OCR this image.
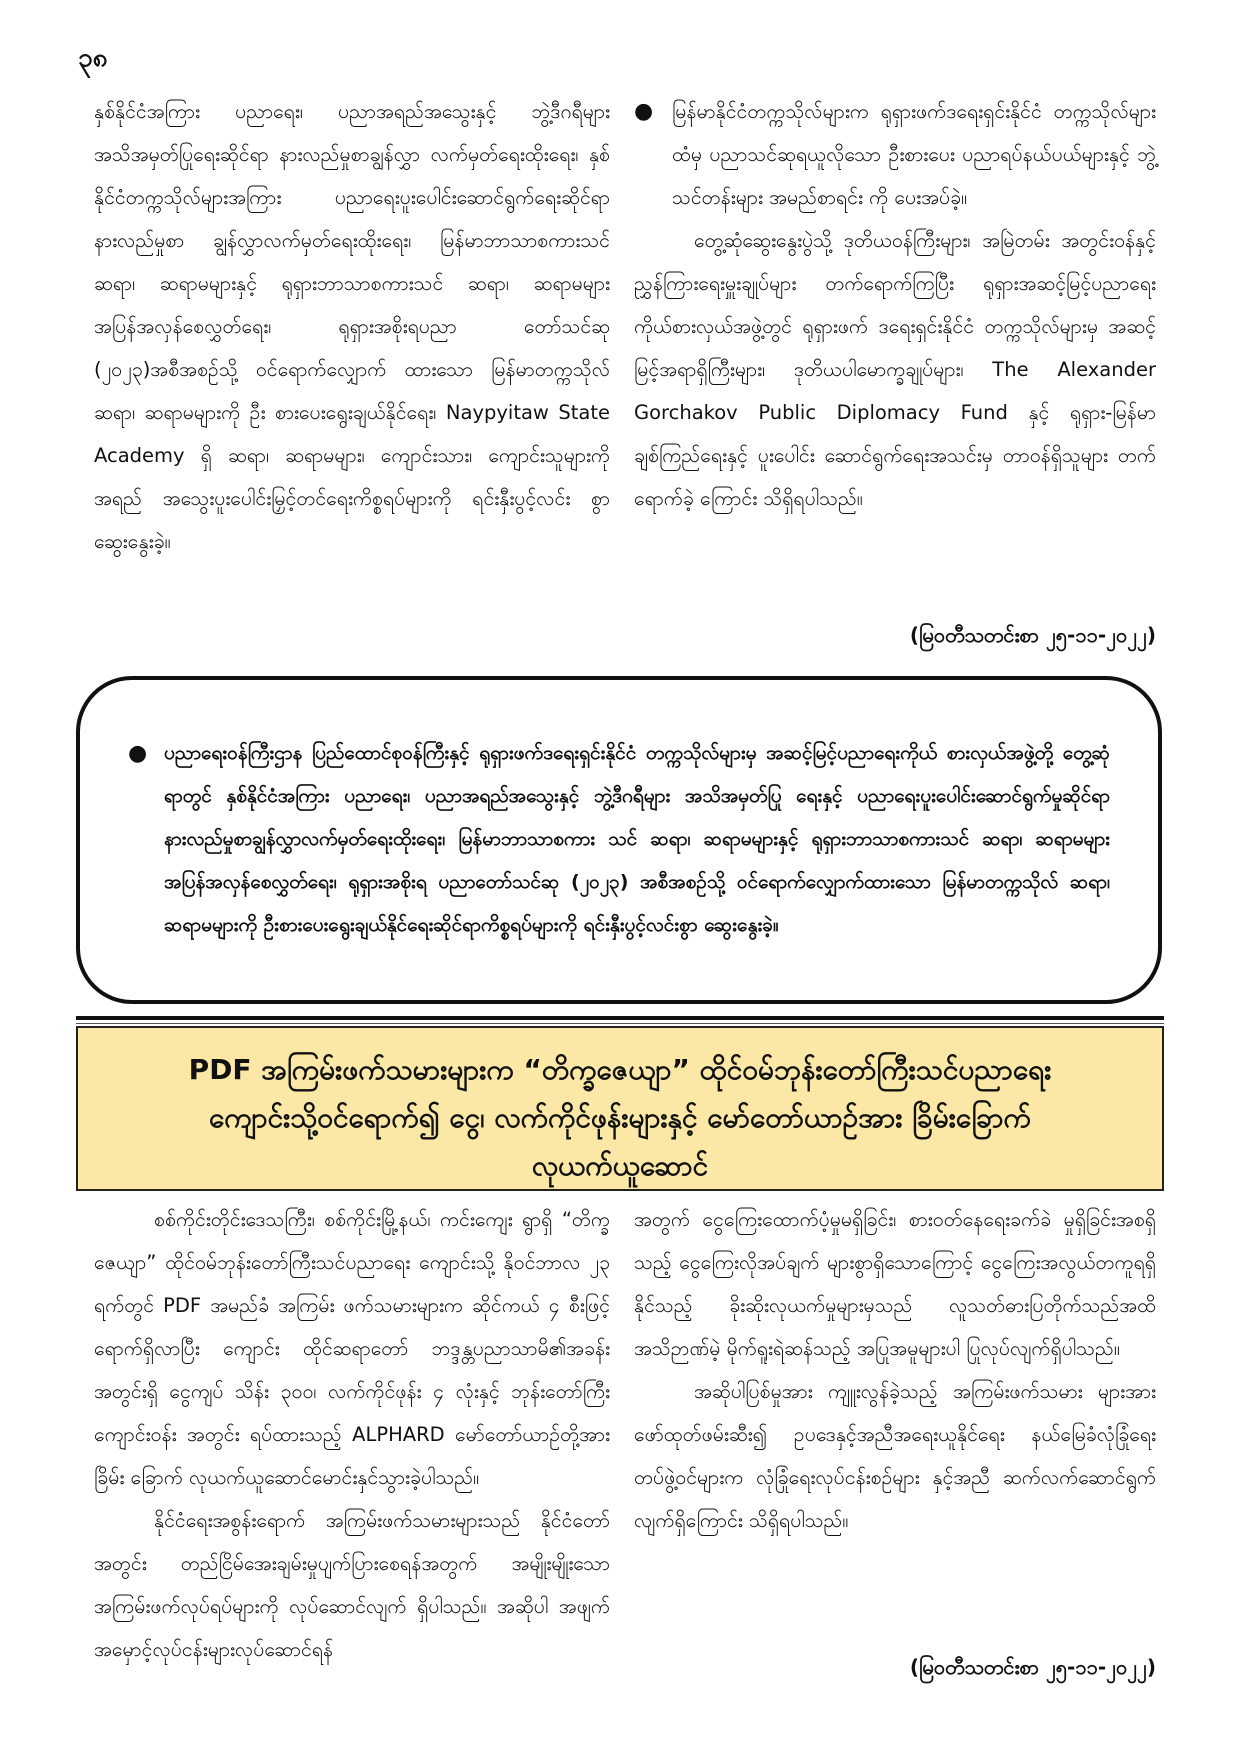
၃၈

နှစ်နိုင်ငံအကြား ပညာရေး၊ ပညာအရည်အသွေးနှင့် ဘွဲ့ဒီဂရီများ အသိအမှတ်ပြုရေးဆိုင်ရာ နားလည်မှုစာချွန်လွှာ လက်မှတ်ရေးထိုးရေး၊ နှစ်နိုင်ငံတက္ကသိုလ်များအကြား ပညာရေးပူးပေါင်းဆောင်ရွက်ရေးဆိုင်ရာ နားလည်မှုစာ ချွန်လွှာလက်မှတ်ရေးထိုးရေး၊ မြန်မာဘာသာစကားသင် ဆရာ၊ ဆရာမများနှင့် ရုရှားဘာသာစကားသင် ဆရာ၊ ဆရာမများ အပြန်အလှန်စေလွှတ်ရေး၊ ရုရှားအစိုးရပညာ တော်သင်ဆု (၂၀၂၃)အစီအစဉ်သို့ ဝင်ရောက်လျှောက် ထားသော မြန်မာတက္ကသိုလ် ဆရာ၊ ဆရာမများကို ဦး စားပေးရွေးချယ်နိုင်ရေး၊ Naypyitaw State Academy ရှိ ဆရာ၊ ဆရာမများ၊ ကျောင်းသား၊ ကျောင်းသူများကို အရည် အသွေးပူးပေါင်းမြှင့်တင်ရေးကိစ္စရပ်များကို ရင်းနှီးပွင့်လင်း စွာ ဆွေးနွေးခဲ့။

● မြန်မာနိုင်ငံတက္ကသိုလ်များက ရုရှားဖက်ဒရေးရှင်းနိုင်ငံ တက္ကသိုလ်များထံမှ ပညာသင်ဆုရယူလိုသော ဦးစားပေး ပညာရပ်နယ်ပယ်များနှင့် ဘွဲ့သင်တန်းများ အမည်စာရင်း ကို ပေးအပ်ခဲ့။

တွေ့ဆုံဆွေးနွေးပွဲသို့ ဒုတိယဝန်ကြီးများ၊ အမြဲတမ်း အတွင်းဝန်နှင့် ညွှန်ကြားရေးမှူးချုပ်များ တက်ရောက်ကြပြီး ရုရှားအဆင့်မြင့်ပညာရေးကိုယ်စားလှယ်အဖွဲ့တွင် ရုရှားဖက် ဒရေးရှင်းနိုင်ငံ တက္ကသိုလ်များမှ အဆင့်မြင့်အရာရှိကြီးများ၊ ဒုတိယပါမောက္ခချုပ်များ၊ The Alexander Gorchakov Public Diplomacy Fund နှင့် ရုရှား-မြန်မာချစ်ကြည်ရေးနှင့် ပူးပေါင်း ဆောင်ရွက်ရေးအသင်းမှ တာဝန်ရှိသူများ တက်ရောက်ခဲ့ ကြောင်း သိရှိရပါသည်။

(မြဝတီသတင်းစာ ၂၅-၁၁-၂၀၂၂)

● ပညာရေးဝန်ကြီးဌာန ပြည်ထောင်စုဝန်ကြီးနှင့် ရုရှားဖက်ဒရေးရှင်းနိုင်ငံ တက္ကသိုလ်များမှ အဆင့်မြင့်ပညာရေးကိုယ် စားလှယ်အဖွဲ့တို့ တွေ့ဆုံရာတွင် နှစ်နိုင်ငံအကြား ပညာရေး၊ ပညာအရည်အသွေးနှင့် ဘွဲ့ဒီဂရီများ အသိအမှတ်ပြု ရေးနှင့် ပညာရေးပူးပေါင်းဆောင်ရွက်မှုဆိုင်ရာ နားလည်မှုစာချွန်လွှာလက်မှတ်ရေးထိုးရေး၊ မြန်မာဘာသာစကား သင် ဆရာ၊ ဆရာမများနှင့် ရုရှားဘာသာစကားသင် ဆရာ၊ ဆရာမများ အပြန်အလှန်စေလွှတ်ရေး၊ ရုရှားအစိုးရ ပညာတော်သင်ဆု (၂၀၂၃) အစီအစဉ်သို့ ဝင်ရောက်လျှောက်ထားသော မြန်မာတက္ကသိုလ် ဆရာ၊ ဆရာမများကို ဦးစားပေးရွေးချယ်နိုင်ရေးဆိုင်ရာကိစ္စရပ်များကို ရင်းနှီးပွင့်လင်းစွာ ဆွေးနွေးခဲ့။

PDF အကြမ်းဖက်သမားများက “တိက္ခဇေယျာ” ထိုင်ဝမ်ဘုန်းတော်ကြီးသင်ပညာရေး
ကျောင်းသို့ဝင်ရောက်၍ ငွေ၊ လက်ကိုင်ဖုန်းများနှင့် မော်တော်ယာဉ်အား ခြိမ်းခြောက်
လုယက်ယူဆောင်

စစ်ကိုင်းတိုင်းဒေသကြီး၊ စစ်ကိုင်းမြို့နယ်၊ ကင်းကျေး ရွာရှိ “တိက္ခဇေယျာ” ထိုင်ဝမ်ဘုန်းတော်ကြီးသင်ပညာရေး ကျောင်းသို့ နိုဝင်ဘာလ ၂၃ ရက်တွင် PDF အမည်ခံ အကြမ်း ဖက်သမားများက ဆိုင်ကယ် ၄ စီးဖြင့် ရောက်ရှိလာပြီး ကျောင်း ထိုင်ဆရာတော် ဘဒ္ဒန္တပညာသာမိ၏အခန်းအတွင်းရှိ ငွေကျပ် သိန်း ၃၀၀၊ လက်ကိုင်ဖုန်း ၄ လုံးနှင့် ဘုန်းတော်ကြီးကျောင်းဝန်း အတွင်း ရပ်ထားသည့် ALPHARD မော်တော်ယာဉ်တို့အား ခြိမ်း ခြောက် လုယက်ယူဆောင်မောင်းနှင်သွားခဲ့ပါသည်။

နိုင်ငံရေးအစွန်းရောက် အကြမ်းဖက်သမားများသည် နိုင်ငံတော်အတွင်း တည်ငြိမ်အေးချမ်းမှုပျက်ပြားစေရန်အတွက် အမျိုးမျိုးသော အကြမ်းဖက်လုပ်ရပ်များကို လုပ်ဆောင်လျက် ရှိပါသည်။ အဆိုပါ အဖျက်အမှောင့်လုပ်ငန်းများလုပ်ဆောင်ရန်

အတွက် ငွေကြေးထောက်ပံ့မှုမရှိခြင်း၊ စားဝတ်နေရေးခက်ခဲ မှုရှိခြင်းအစရှိသည့် ငွေကြေးလိုအပ်ချက် များစွာရှိသောကြောင့် ငွေကြေးအလွယ်တကူရရှိနိုင်သည့် ခိုးဆိုးလုယက်မှုများမှသည် လူသတ်ဓားပြတိုက်သည်အထိ အသိဉာဏ်မဲ့ မိုက်ရူးရဲဆန်သည့် အပြုအမူများပါ ပြုလုပ်လျက်ရှိပါသည်။

အဆိုပါပြစ်မှုအား ကျူးလွန်ခဲ့သည့် အကြမ်းဖက်သမား များအား ဖော်ထုတ်ဖမ်းဆီး၍ ဥပဒေနှင့်အညီအရေးယူနိုင်ရေး နယ်မြေခံလုံခြုံရေးတပ်ဖွဲ့ဝင်များက လုံခြုံရေးလုပ်ငန်းစဉ်များ နှင့်အညီ ဆက်လက်ဆောင်ရွက်လျက်ရှိကြောင်း သိရှိရပါသည်။

(မြဝတီသတင်းစာ ၂၅-၁၁-၂၀၂၂)
